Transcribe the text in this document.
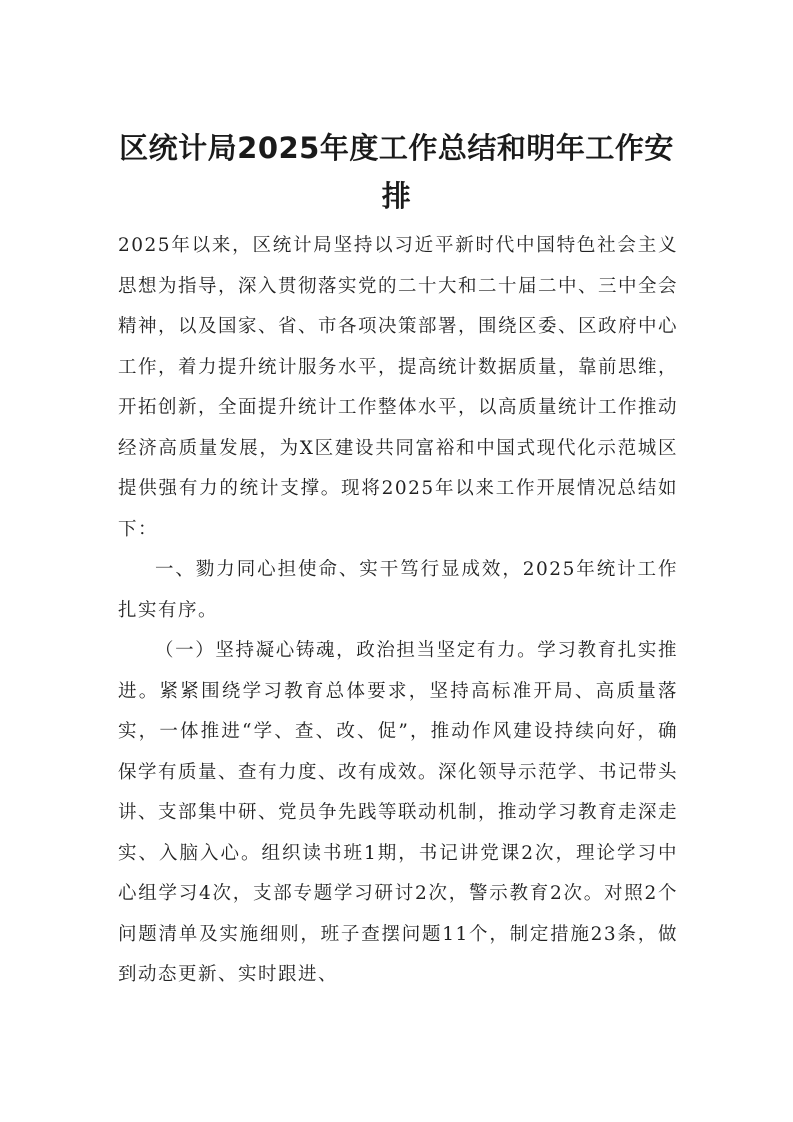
区统计局2025年度工作总结和明年工作安排

2025年以来，区统计局坚持以习近平新时代中国特色社会主义思想为指导，深入贯彻落实党的二十大和二十届二中、三中全会精神，以及国家、省、市各项决策部署，围绕区委、区政府中心工作，着力提升统计服务水平，提高统计数据质量，靠前思维，开拓创新，全面提升统计工作整体水平，以高质量统计工作推动经济高质量发展，为X区建设共同富裕和中国式现代化示范城区提供强有力的统计支撑。现将2025年以来工作开展情况总结如下：

一、勠力同心担使命、实干笃行显成效，2025年统计工作扎实有序。

（一）坚持凝心铸魂，政治担当坚定有力。学习教育扎实推进。紧紧围绕学习教育总体要求，坚持高标准开局、高质量落实，一体推进“学、查、改、促”，推动作风建设持续向好，确保学有质量、查有力度、改有成效。深化领导示范学、书记带头讲、支部集中研、党员争先践等联动机制，推动学习教育走深走实、入脑入心。组织读书班1期，书记讲党课2次，理论学习中心组学习4次，支部专题学习研讨2次，警示教育2次。对照2个问题清单及实施细则，班子查摆问题11个，制定措施23条，做到动态更新、实时跟进、
